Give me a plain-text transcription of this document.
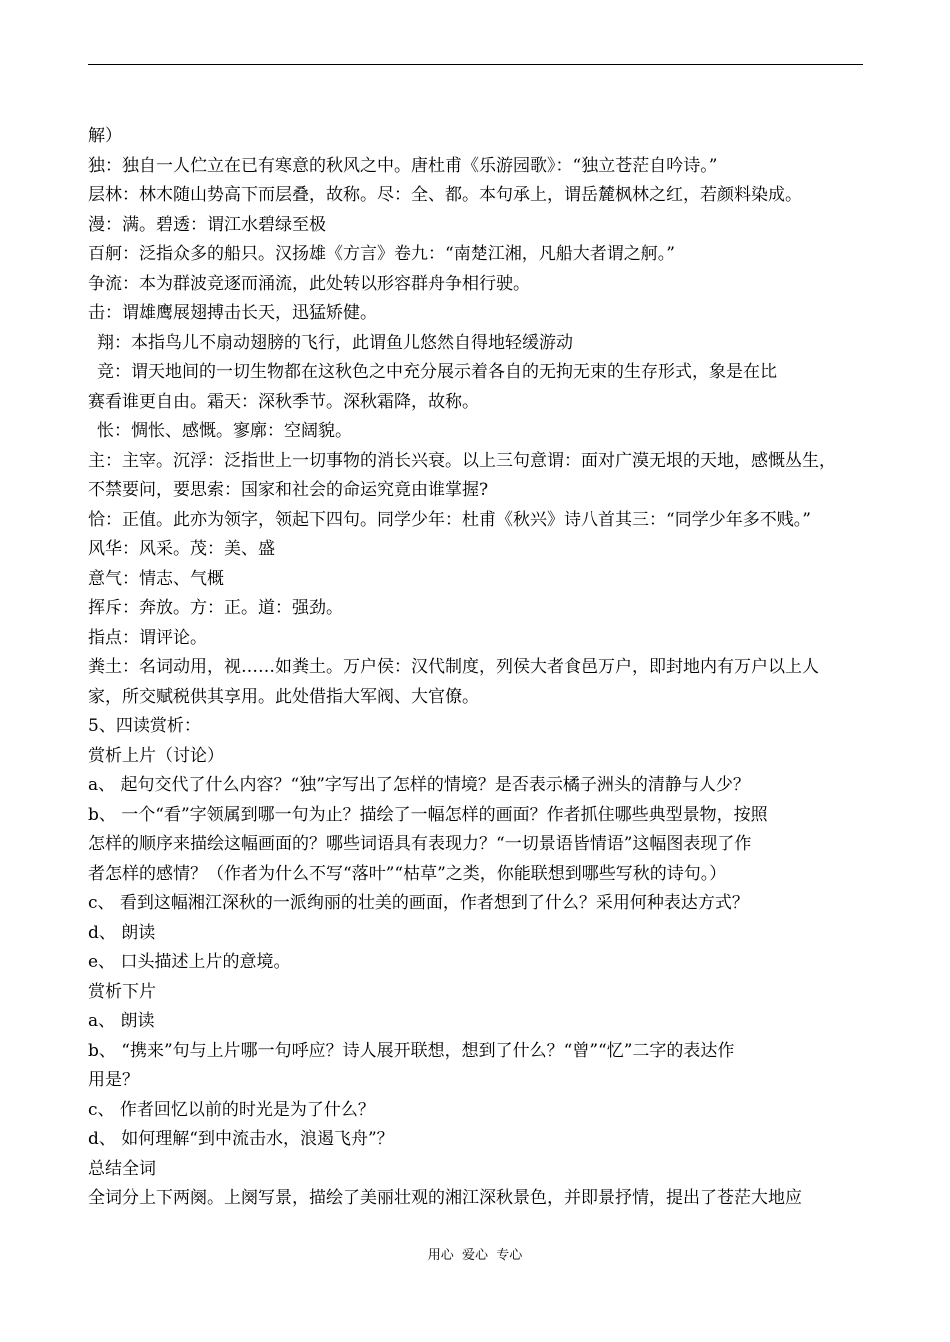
解）
独：独自一人伫立在已有寒意的秋风之中。唐杜甫《乐游园歌》：“独立苍茫自吟诗。”
层林：林木随山势高下而层叠，故称。尽：全、都。本句承上，谓岳麓枫林之红，若颜料染成。
漫：满。碧透：谓江水碧绿至极
百舸：泛指众多的船只。汉扬雄《方言》卷九：“南楚江湘，凡船大者谓之舸。”
争流：本为群波竞逐而涌流，此处转以形容群舟争相行驶。
击：谓雄鹰展翅搏击长天，迅猛矫健。
翔：本指鸟儿不扇动翅膀的飞行，此谓鱼儿悠然自得地轻缓游动
竞：谓天地间的一切生物都在这秋色之中充分展示着各自的无拘无束的生存形式，象是在比
赛看谁更自由。霜天：深秋季节。深秋霜降，故称。
怅：惆怅、感慨。寥廓：空阔貌。
主：主宰。沉浮：泛指世上一切事物的消长兴衰。以上三句意谓：面对广漠无垠的天地，感慨丛生，
不禁要问，要思索：国家和社会的命运究竟由谁掌握?
恰：正值。此亦为领字，领起下四句。同学少年：杜甫《秋兴》诗八首其三：“同学少年多不贱。”
风华：风采。茂：美、盛
意气：情志、气概
挥斥：奔放。方：正。道：强劲。
指点：谓评论。
粪土：名词动用，视……如粪土。万户侯：汉代制度，列侯大者食邑万户，即封地内有万户以上人
家，所交赋税供其享用。此处借指大军阀、大官僚。
5、四读赏析：
赏析上片（讨论）
a、 起句交代了什么内容？“独”字写出了怎样的情境？是否表示橘子洲头的清静与人少？
b、 一个“看”字领属到哪一句为止？描绘了一幅怎样的画面？作者抓住哪些典型景物，按照
怎样的顺序来描绘这幅画面的？哪些词语具有表现力？“一切景语皆情语”这幅图表现了作
者怎样的感情？（作者为什么不写“落叶”“枯草”之类，你能联想到哪些写秋的诗句。）
c、 看到这幅湘江深秋的一派绚丽的壮美的画面，作者想到了什么？采用何种表达方式？
d、 朗读
e、 口头描述上片的意境。
赏析下片
a、 朗读
b、 “携来”句与上片哪一句呼应？诗人展开联想，想到了什么？“曾”“忆”二字的表达作
用是？
c、 作者回忆以前的时光是为了什么？
d、 如何理解“到中流击水，浪遏飞舟”？
总结全词
全词分上下两阕。上阕写景，描绘了美丽壮观的湘江深秋景色，并即景抒情，提出了苍茫大地应
用心  爱心  专心
